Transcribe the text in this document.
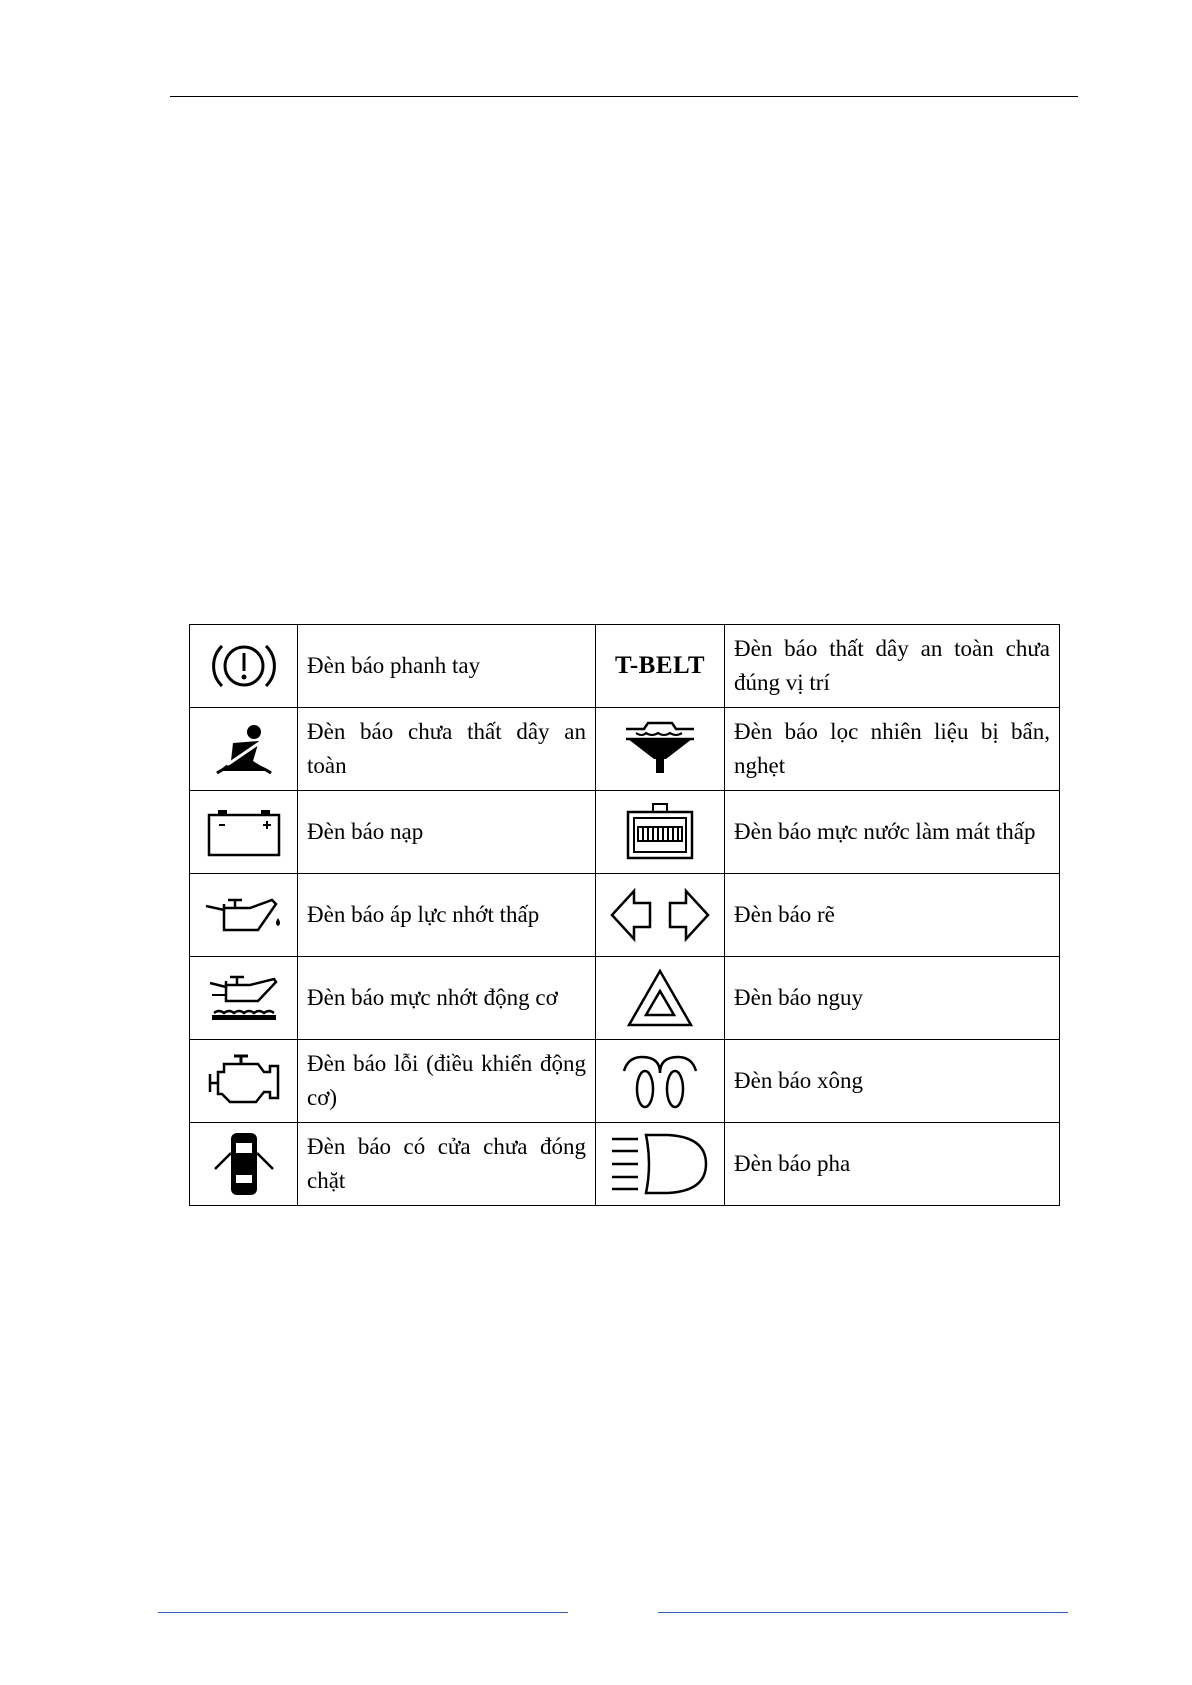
Đèn báo phanh tay	T-BELT	Đèn báo thất dây an toàn chưa đúng vị trí

Đèn báo chưa thất dây an toàn		Đèn báo lọc nhiên liệu bị bẩn, nghẹt

Đèn báo nạp		Đèn báo mực nước làm mát thấp

Đèn báo áp lực nhớt thấp		Đèn báo rẽ

Đèn báo mực nhớt động cơ		Đèn báo nguy

Đèn báo lỗi (điều khiển động cơ)		Đèn báo xông

Đèn báo có cửa chưa đóng chặt		Đèn báo pha
